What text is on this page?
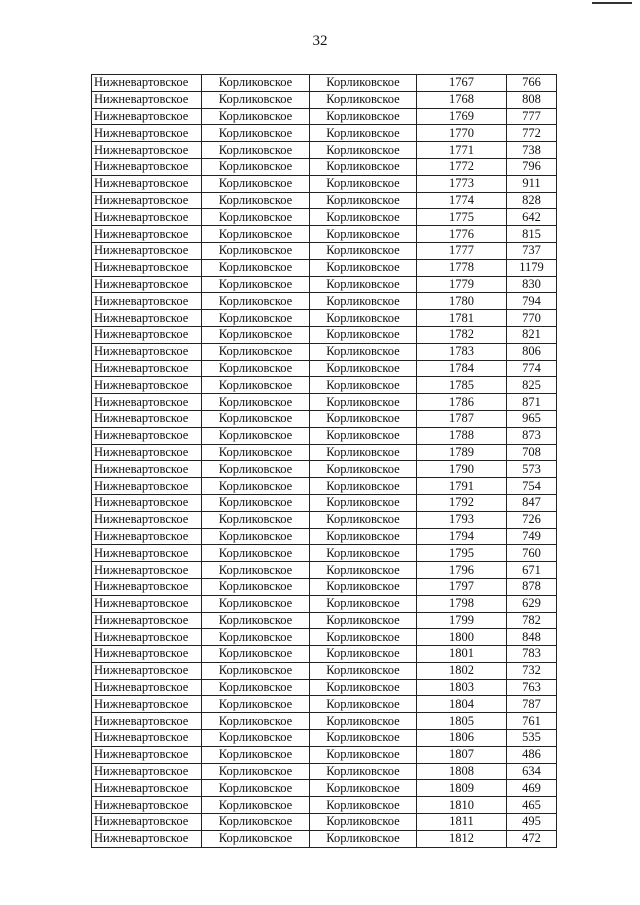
32
Нижневартовское	Корликовское	Корликовское	1767	766
Нижневартовское	Корликовское	Корликовское	1768	808
Нижневартовское	Корликовское	Корликовское	1769	777
Нижневартовское	Корликовское	Корликовское	1770	772
Нижневартовское	Корликовское	Корликовское	1771	738
Нижневартовское	Корликовское	Корликовское	1772	796
Нижневартовское	Корликовское	Корликовское	1773	911
Нижневартовское	Корликовское	Корликовское	1774	828
Нижневартовское	Корликовское	Корликовское	1775	642
Нижневартовское	Корликовское	Корликовское	1776	815
Нижневартовское	Корликовское	Корликовское	1777	737
Нижневартовское	Корликовское	Корликовское	1778	1179
Нижневартовское	Корликовское	Корликовское	1779	830
Нижневартовское	Корликовское	Корликовское	1780	794
Нижневартовское	Корликовское	Корликовское	1781	770
Нижневартовское	Корликовское	Корликовское	1782	821
Нижневартовское	Корликовское	Корликовское	1783	806
Нижневартовское	Корликовское	Корликовское	1784	774
Нижневартовское	Корликовское	Корликовское	1785	825
Нижневартовское	Корликовское	Корликовское	1786	871
Нижневартовское	Корликовское	Корликовское	1787	965
Нижневартовское	Корликовское	Корликовское	1788	873
Нижневартовское	Корликовское	Корликовское	1789	708
Нижневартовское	Корликовское	Корликовское	1790	573
Нижневартовское	Корликовское	Корликовское	1791	754
Нижневартовское	Корликовское	Корликовское	1792	847
Нижневартовское	Корликовское	Корликовское	1793	726
Нижневартовское	Корликовское	Корликовское	1794	749
Нижневартовское	Корликовское	Корликовское	1795	760
Нижневартовское	Корликовское	Корликовское	1796	671
Нижневартовское	Корликовское	Корликовское	1797	878
Нижневартовское	Корликовское	Корликовское	1798	629
Нижневартовское	Корликовское	Корликовское	1799	782
Нижневартовское	Корликовское	Корликовское	1800	848
Нижневартовское	Корликовское	Корликовское	1801	783
Нижневартовское	Корликовское	Корликовское	1802	732
Нижневартовское	Корликовское	Корликовское	1803	763
Нижневартовское	Корликовское	Корликовское	1804	787
Нижневартовское	Корликовское	Корликовское	1805	761
Нижневартовское	Корликовское	Корликовское	1806	535
Нижневартовское	Корликовское	Корликовское	1807	486
Нижневартовское	Корликовское	Корликовское	1808	634
Нижневартовское	Корликовское	Корликовское	1809	469
Нижневартовское	Корликовское	Корликовское	1810	465
Нижневартовское	Корликовское	Корликовское	1811	495
Нижневартовское	Корликовское	Корликовское	1812	472
